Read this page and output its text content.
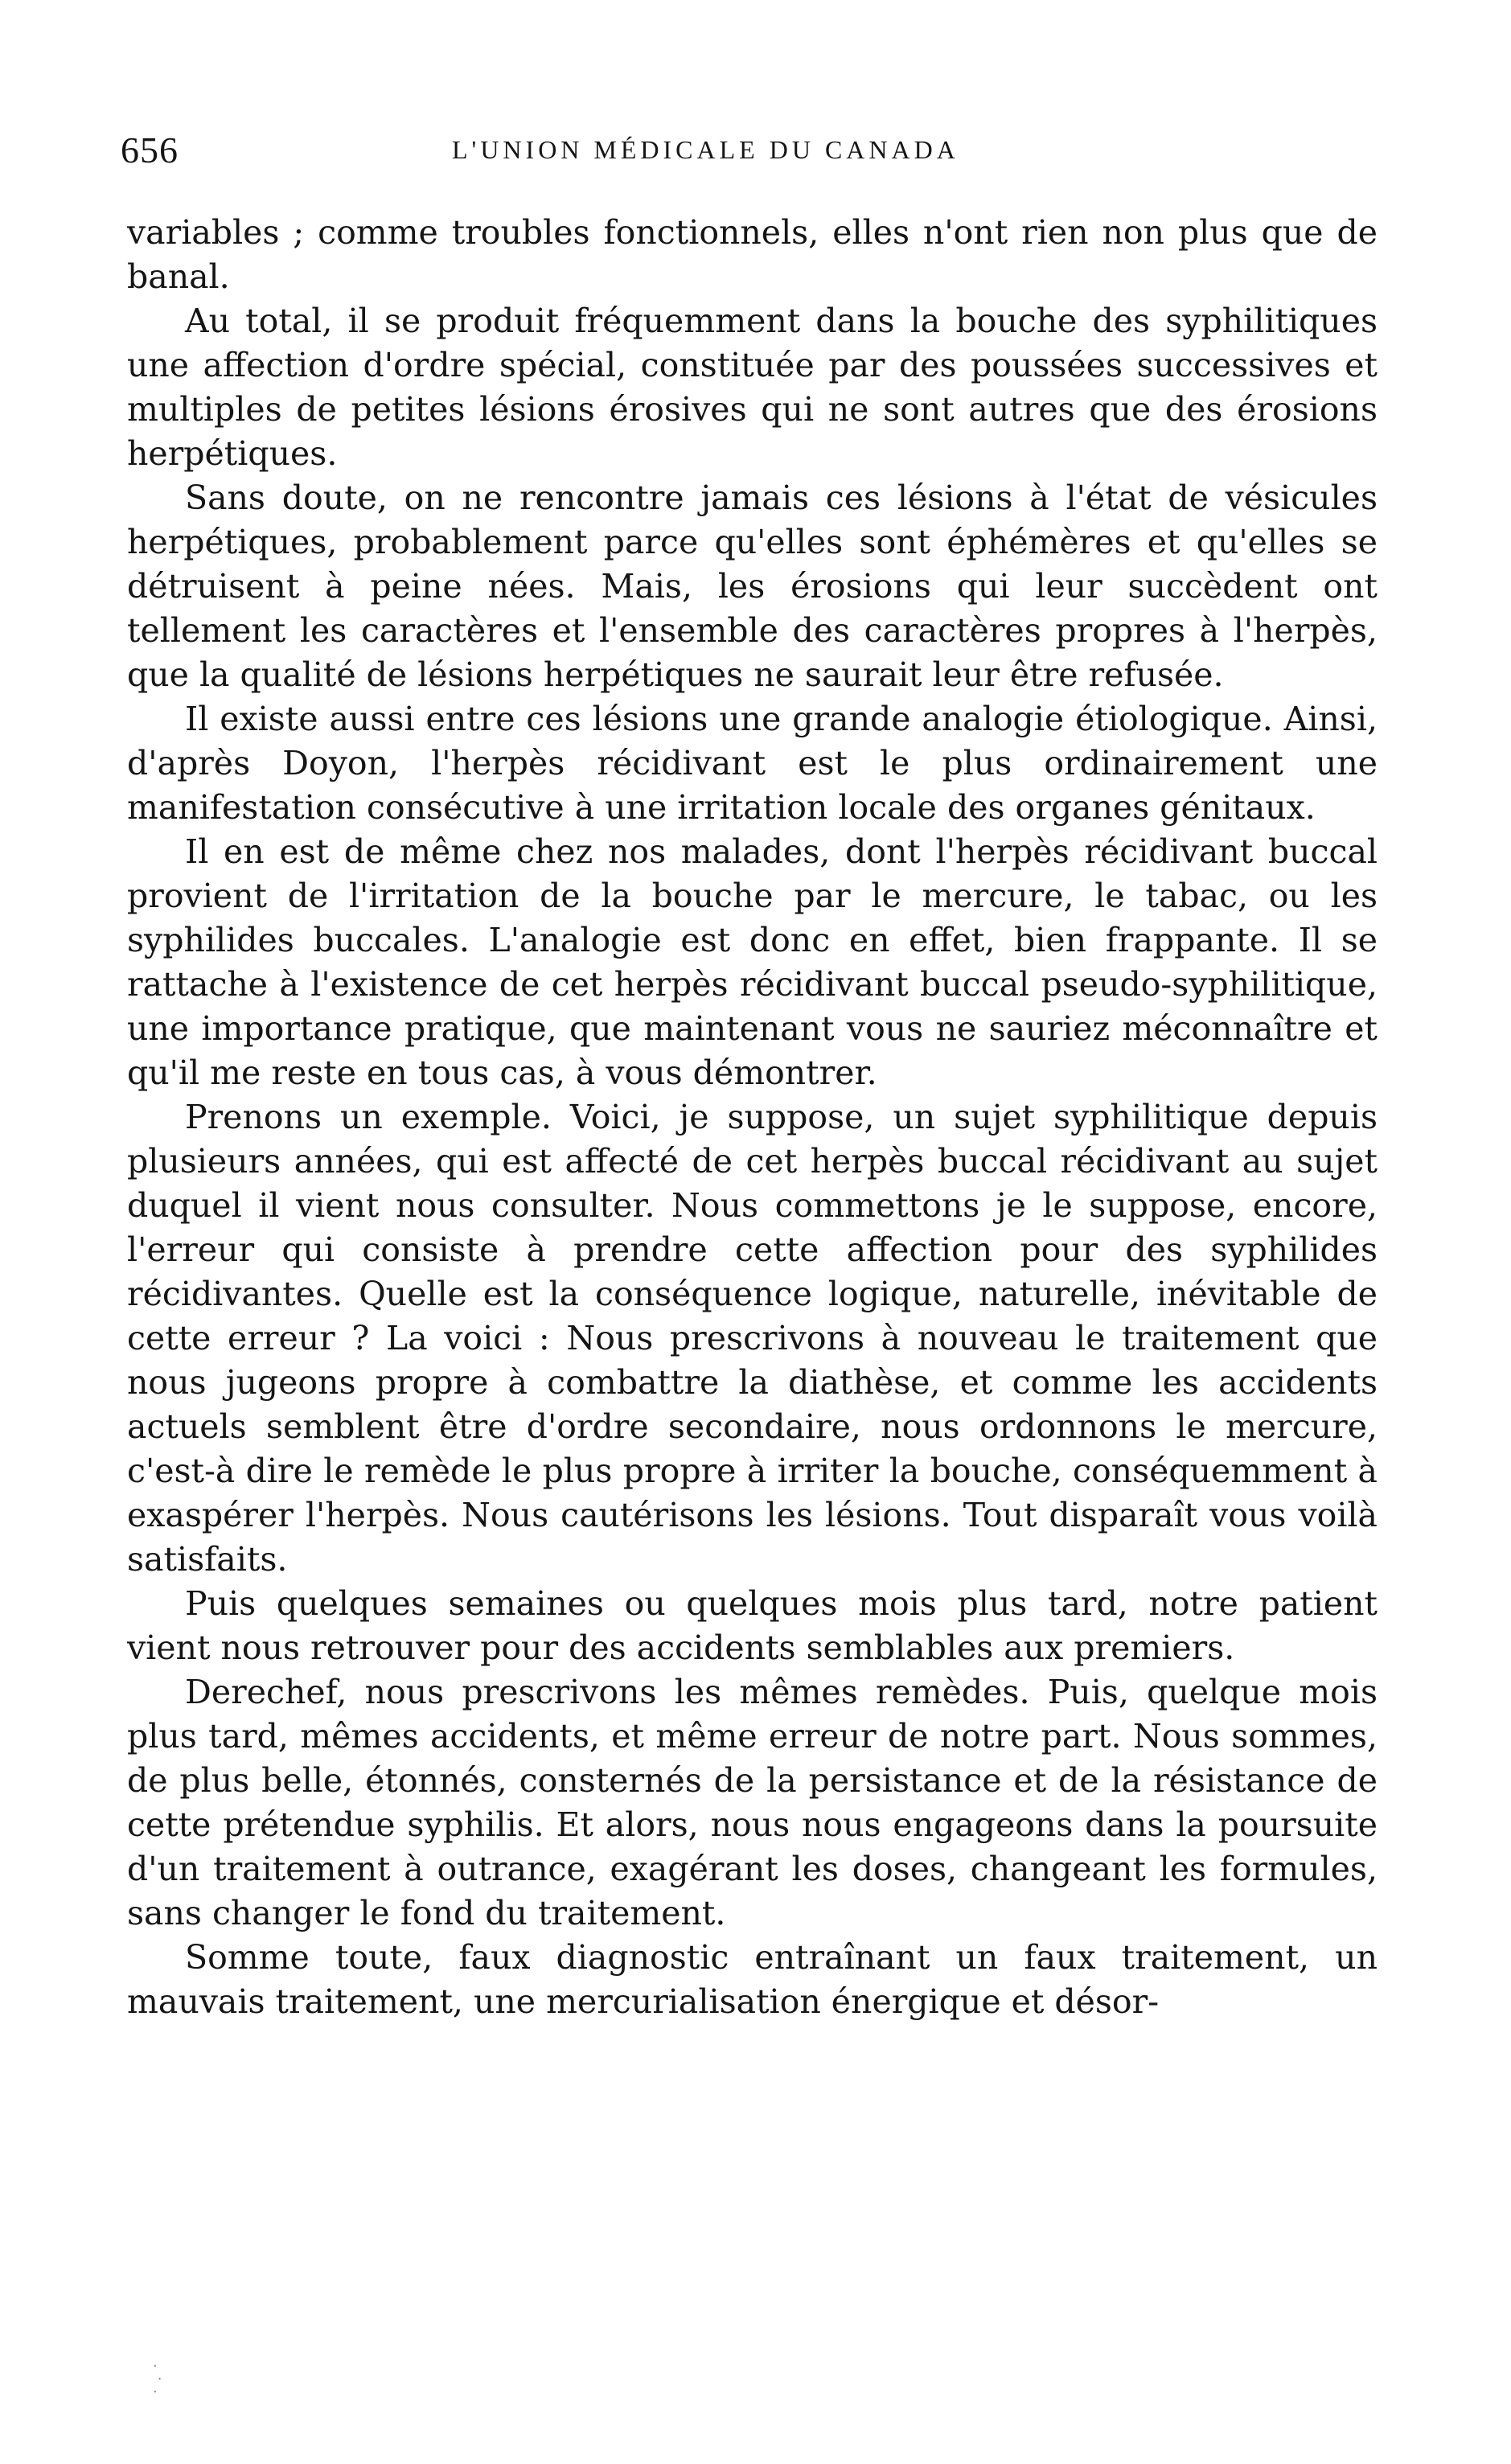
656	L'UNION MÉDICALE DU CANADA

variables ; comme troubles fonctionnels, elles n'ont rien non plus que de banal.

Au total, il se produit fréquemment dans la bouche des syphilitiques une affection d'ordre spécial, constituée par des poussées successives et multiples de petites lésions érosives qui ne sont autres que des érosions herpétiques.

Sans doute, on ne rencontre jamais ces lésions à l'état de vésicules herpétiques, probablement parce qu'elles sont éphémères et qu'elles se détruisent à peine nées. Mais, les érosions qui leur succèdent ont tellement les caractères et l'ensemble des caractères propres à l'herpès, que la qualité de lésions herpétiques ne saurait leur être refusée.

Il existe aussi entre ces lésions une grande analogie étiologique. Ainsi, d'après Doyon, l'herpès récidivant est le plus ordinairement une manifestation consécutive à une irritation locale des organes génitaux.

Il en est de même chez nos malades, dont l'herpès récidivant buccal provient de l'irritation de la bouche par le mercure, le tabac, ou les syphilides buccales. L'analogie est donc en effet, bien frappante. Il se rattache à l'existence de cet herpès récidivant buccal pseudo-syphilitique, une importance pratique, que maintenant vous ne sauriez méconnaître et qu'il me reste en tous cas, à vous démontrer.

Prenons un exemple. Voici, je suppose, un sujet syphilitique depuis plusieurs années, qui est affecté de cet herpès buccal récidivant au sujet duquel il vient nous consulter. Nous commettons je le suppose, encore, l'erreur qui consiste à prendre cette affection pour des syphilides récidivantes. Quelle est la conséquence logique, naturelle, inévitable de cette erreur ? La voici : Nous prescrivons à nouveau le traitement que nous jugeons propre à combattre la diathèse, et comme les accidents actuels semblent être d'ordre secondaire, nous ordonnons le mercure, c'est-à dire le remède le plus propre à irriter la bouche, conséquemment à exaspérer l'herpès. Nous cautérisons les lésions. Tout disparaît vous voilà satisfaits.

Puis quelques semaines ou quelques mois plus tard, notre patient vient nous retrouver pour des accidents semblables aux premiers.

Derechef, nous prescrivons les mêmes remèdes. Puis, quelque mois plus tard, mêmes accidents, et même erreur de notre part. Nous sommes, de plus belle, étonnés, consternés de la persistance et de la résistance de cette prétendue syphilis. Et alors, nous nous engageons dans la poursuite d'un traitement à outrance, exagérant les doses, changeant les formules, sans changer le fond du traitement.

Somme toute, faux diagnostic entraînant un faux traitement, un mauvais traitement, une mercurialisation énergique et désor-

·
·
·
